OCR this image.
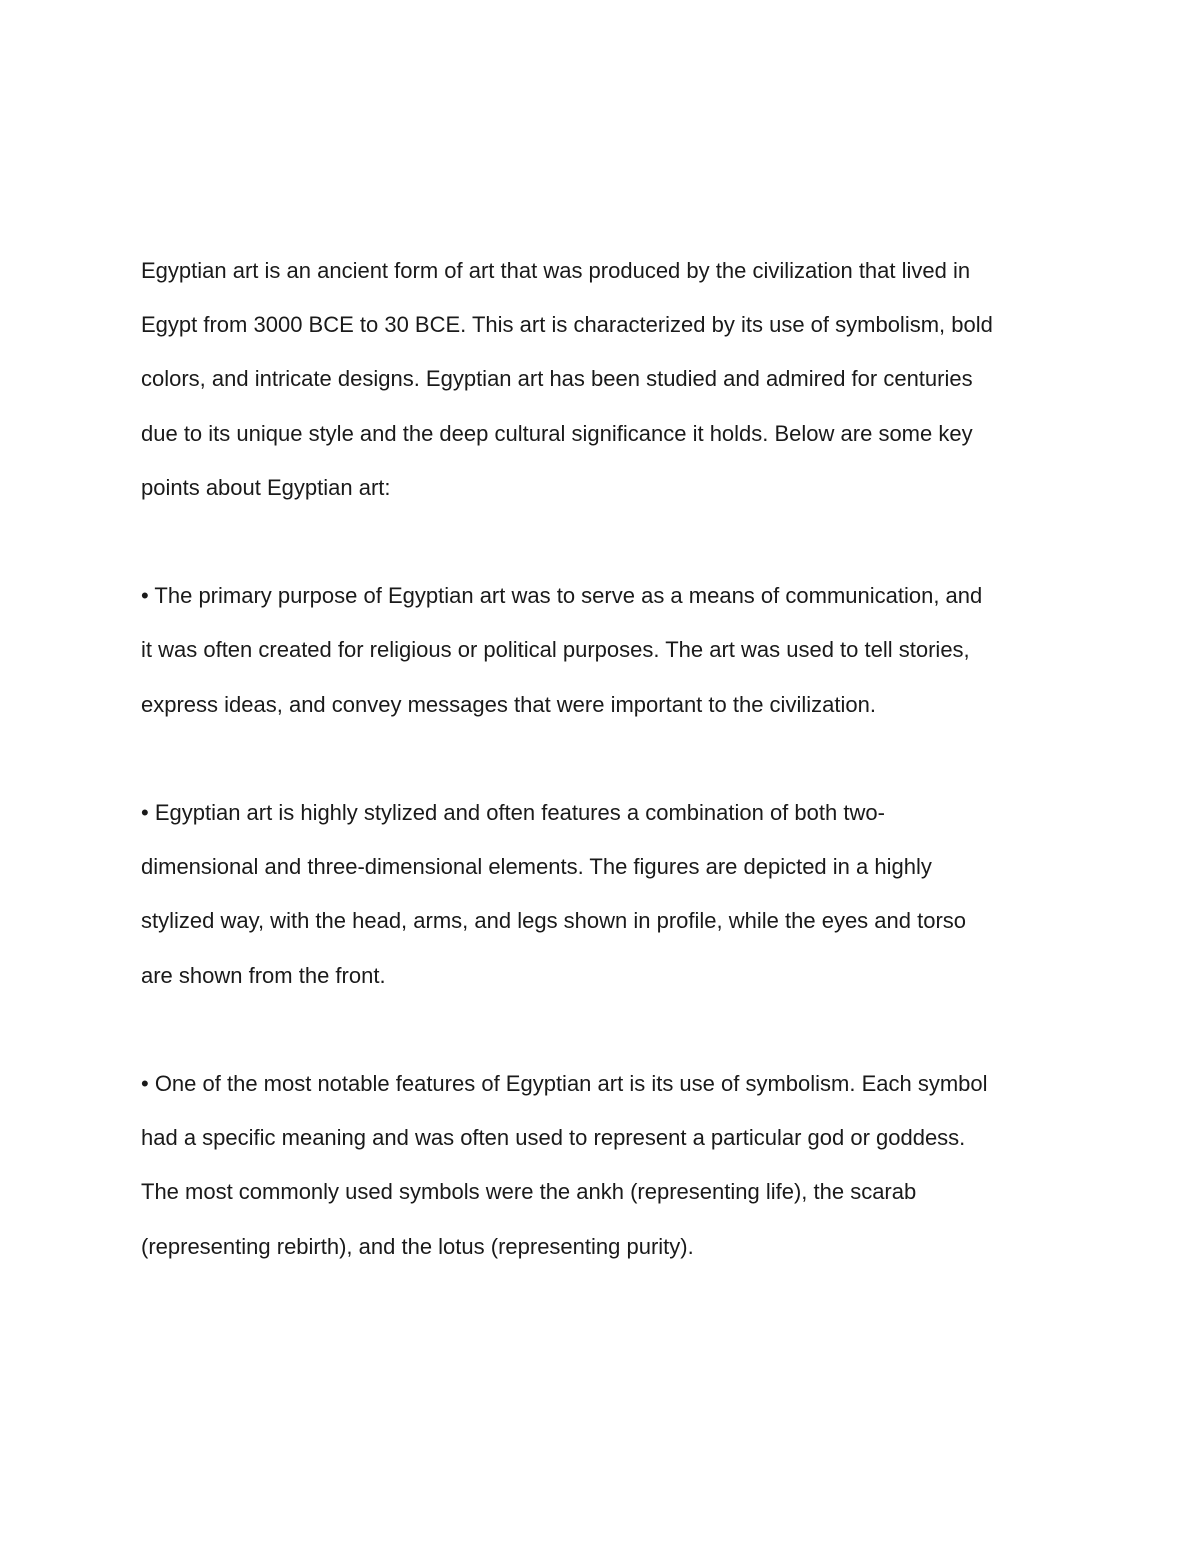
Egyptian art is an ancient form of art that was produced by the civilization that lived in
Egypt from 3000 BCE to 30 BCE. This art is characterized by its use of symbolism, bold
colors, and intricate designs. Egyptian art has been studied and admired for centuries
due to its unique style and the deep cultural significance it holds. Below are some key
points about Egyptian art:

• The primary purpose of Egyptian art was to serve as a means of communication, and
it was often created for religious or political purposes. The art was used to tell stories,
express ideas, and convey messages that were important to the civilization.

• Egyptian art is highly stylized and often features a combination of both two-
dimensional and three-dimensional elements. The figures are depicted in a highly
stylized way, with the head, arms, and legs shown in profile, while the eyes and torso
are shown from the front.

• One of the most notable features of Egyptian art is its use of symbolism. Each symbol
had a specific meaning and was often used to represent a particular god or goddess.
The most commonly used symbols were the ankh (representing life), the scarab
(representing rebirth), and the lotus (representing purity).
